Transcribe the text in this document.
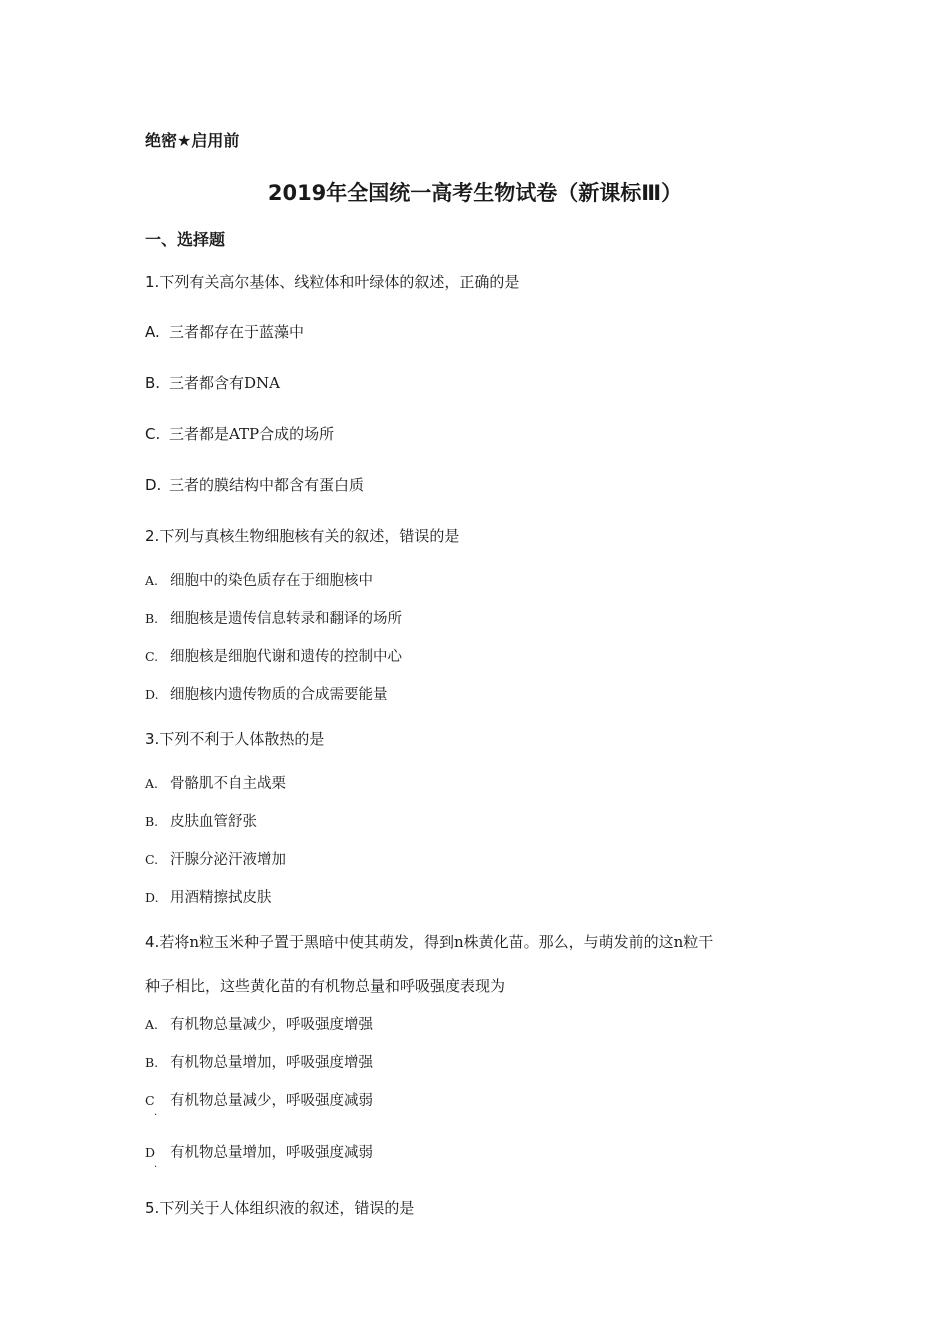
绝密★启用前
2019年全国统一高考生物试卷（新课标Ⅲ）
一、选择题
1.下列有关高尔基体、线粒体和叶绿体的叙述，正确的是
A. 三者都存在于蓝藻中
B. 三者都含有DNA
C. 三者都是ATP合成的场所
D. 三者的膜结构中都含有蛋白质
2.下列与真核生物细胞核有关的叙述，错误的是
A. 细胞中的染色质存在于细胞核中
B. 细胞核是遗传信息转录和翻译的场所
C. 细胞核是细胞代谢和遗传的控制中心
D. 细胞核内遗传物质的合成需要能量
3.下列不利于人体散热的是
A. 骨骼肌不自主战栗
B. 皮肤血管舒张
C. 汗腺分泌汗液增加
D. 用酒精擦拭皮肤
4.若将n粒玉米种子置于黑暗中使其萌发，得到n株黄化苗。那么，与萌发前的这n粒干
种子相比，这些黄化苗的有机物总量和呼吸强度表现为
A. 有机物总量减少，呼吸强度增强
B. 有机物总量增加，呼吸强度增强
C 有机物总量减少，呼吸强度减弱
.
D 有机物总量增加，呼吸强度减弱
.
5.下列关于人体组织液的叙述，错误的是
